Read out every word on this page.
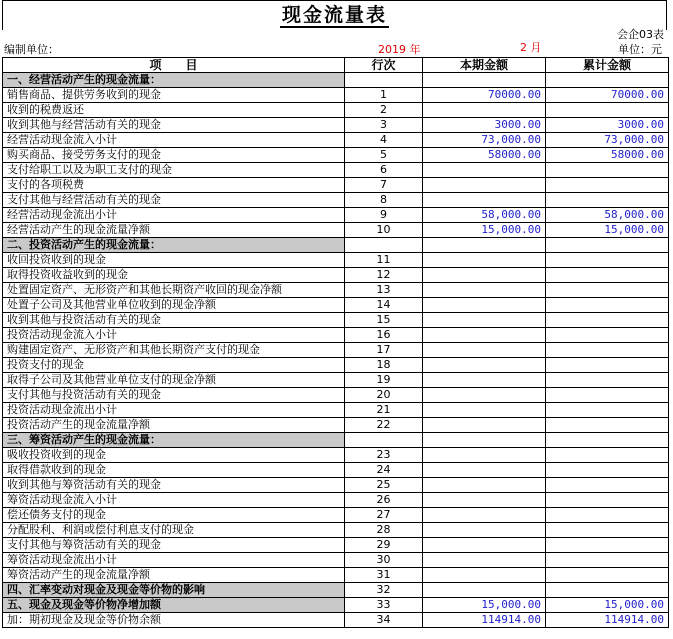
现金流量表
会企03表
编制单位：	2019 年	2 月	单位：元
项　　目	行次	本期金额	累计金额
一、经营活动产生的现金流量：			
销售商品、提供劳务收到的现金	1	70000.00	70000.00
收到的税费返还	2		
收到其他与经营活动有关的现金	3	3000.00	3000.00
经营活动现金流入小计	4	73,000.00	73,000.00
购买商品、接受劳务支付的现金	5	58000.00	58000.00
支付给职工以及为职工支付的现金	6		
支付的各项税费	7		
支付其他与经营活动有关的现金	8		
经营活动现金流出小计	9	58,000.00	58,000.00
经营活动产生的现金流量净额	10	15,000.00	15,000.00
二、投资活动产生的现金流量：			
收回投资收到的现金	11		
取得投资收益收到的现金	12		
处置固定资产、无形资产和其他长期资产收回的现金净额	13		
处置子公司及其他营业单位收到的现金净额	14		
收到其他与投资活动有关的现金	15		
投资活动现金流入小计	16		
购建固定资产、无形资产和其他长期资产支付的现金	17		
投资支付的现金	18		
取得子公司及其他营业单位支付的现金净额	19		
支付其他与投资活动有关的现金	20		
投资活动现金流出小计	21		
投资活动产生的现金流量净额	22		
三、筹资活动产生的现金流量：			
吸收投资收到的现金	23		
取得借款收到的现金	24		
收到其他与筹资活动有关的现金	25		
筹资活动现金流入小计	26		
偿还债务支付的现金	27		
分配股利、利润或偿付利息支付的现金	28		
支付其他与筹资活动有关的现金	29		
筹资活动现金流出小计	30		
筹资活动产生的现金流量净额	31		
四、汇率变动对现金及现金等价物的影响	32		
五、现金及现金等价物净增加额	33	15,000.00	15,000.00
加：期初现金及现金等价物余额	34	114914.00	114914.00
